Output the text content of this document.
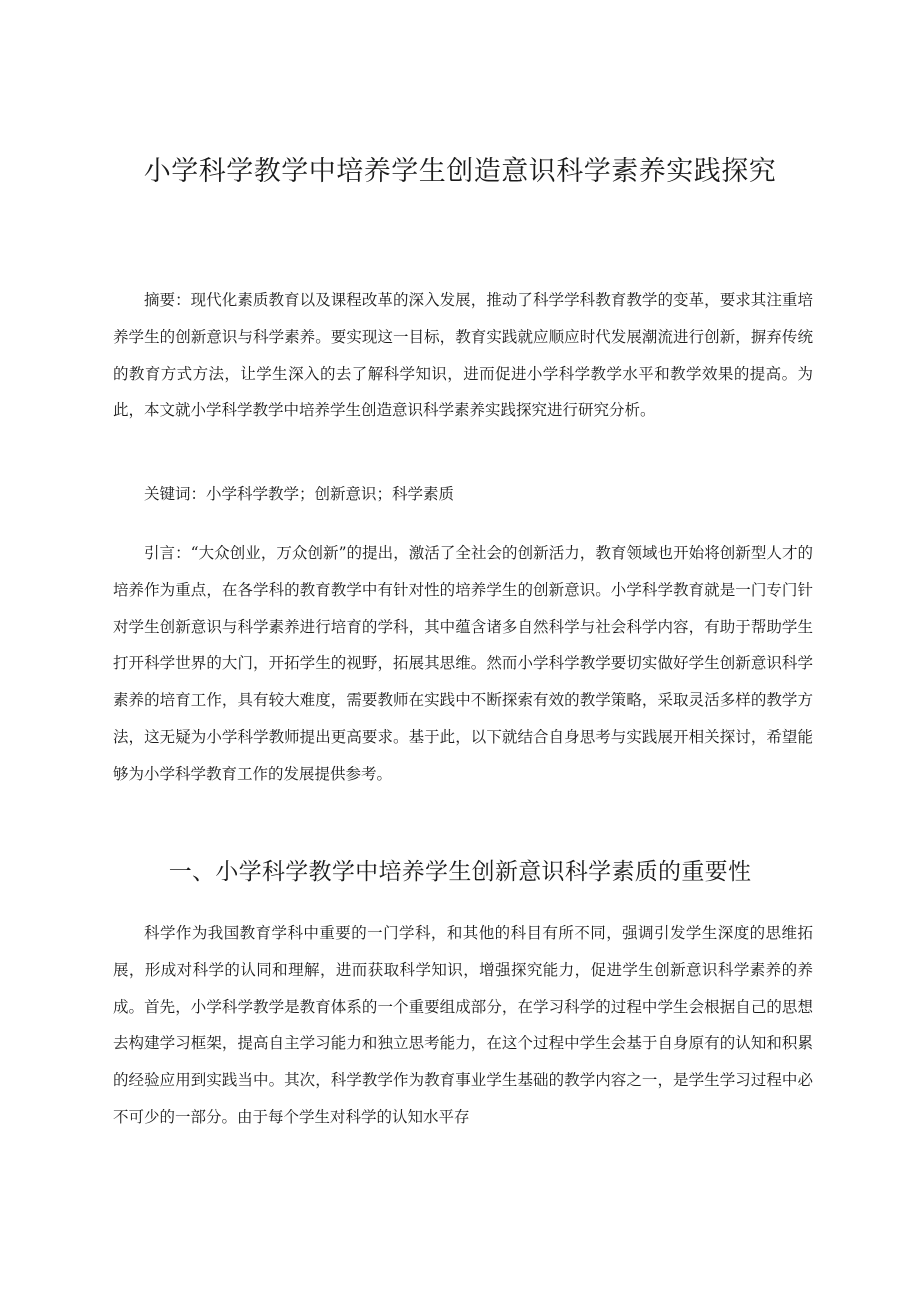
小学科学教学中培养学生创造意识科学素养实践探究

摘要：现代化素质教育以及课程改革的深入发展，推动了科学学科教育教学的变革，要求其注重培养学生的创新意识与科学素养。要实现这一目标，教育实践就应顺应时代发展潮流进行创新，摒弃传统的教育方式方法，让学生深入的去了解科学知识，进而促进小学科学教学水平和教学效果的提高。为此，本文就小学科学教学中培养学生创造意识科学素养实践探究进行研究分析。

关键词：小学科学教学；创新意识；科学素质

引言：“大众创业，万众创新”的提出，激活了全社会的创新活力，教育领域也开始将创新型人才的培养作为重点，在各学科的教育教学中有针对性的培养学生的创新意识。小学科学教育就是一门专门针对学生创新意识与科学素养进行培育的学科，其中蕴含诸多自然科学与社会科学内容，有助于帮助学生打开科学世界的大门，开拓学生的视野，拓展其思维。然而小学科学教学要切实做好学生创新意识科学素养的培育工作，具有较大难度，需要教师在实践中不断探索有效的教学策略，采取灵活多样的教学方法，这无疑为小学科学教师提出更高要求。基于此，以下就结合自身思考与实践展开相关探讨，希望能够为小学科学教育工作的发展提供参考。

一、小学科学教学中培养学生创新意识科学素质的重要性

科学作为我国教育学科中重要的一门学科，和其他的科目有所不同，强调引发学生深度的思维拓展，形成对科学的认同和理解，进而获取科学知识，增强探究能力，促进学生创新意识科学素养的养成。首先，小学科学教学是教育体系的一个重要组成部分，在学习科学的过程中学生会根据自己的思想去构建学习框架，提高自主学习能力和独立思考能力，在这个过程中学生会基于自身原有的认知和积累的经验应用到实践当中。其次，科学教学作为教育事业学生基础的教学内容之一，是学生学习过程中必不可少的一部分。由于每个学生对科学的认知水平存
